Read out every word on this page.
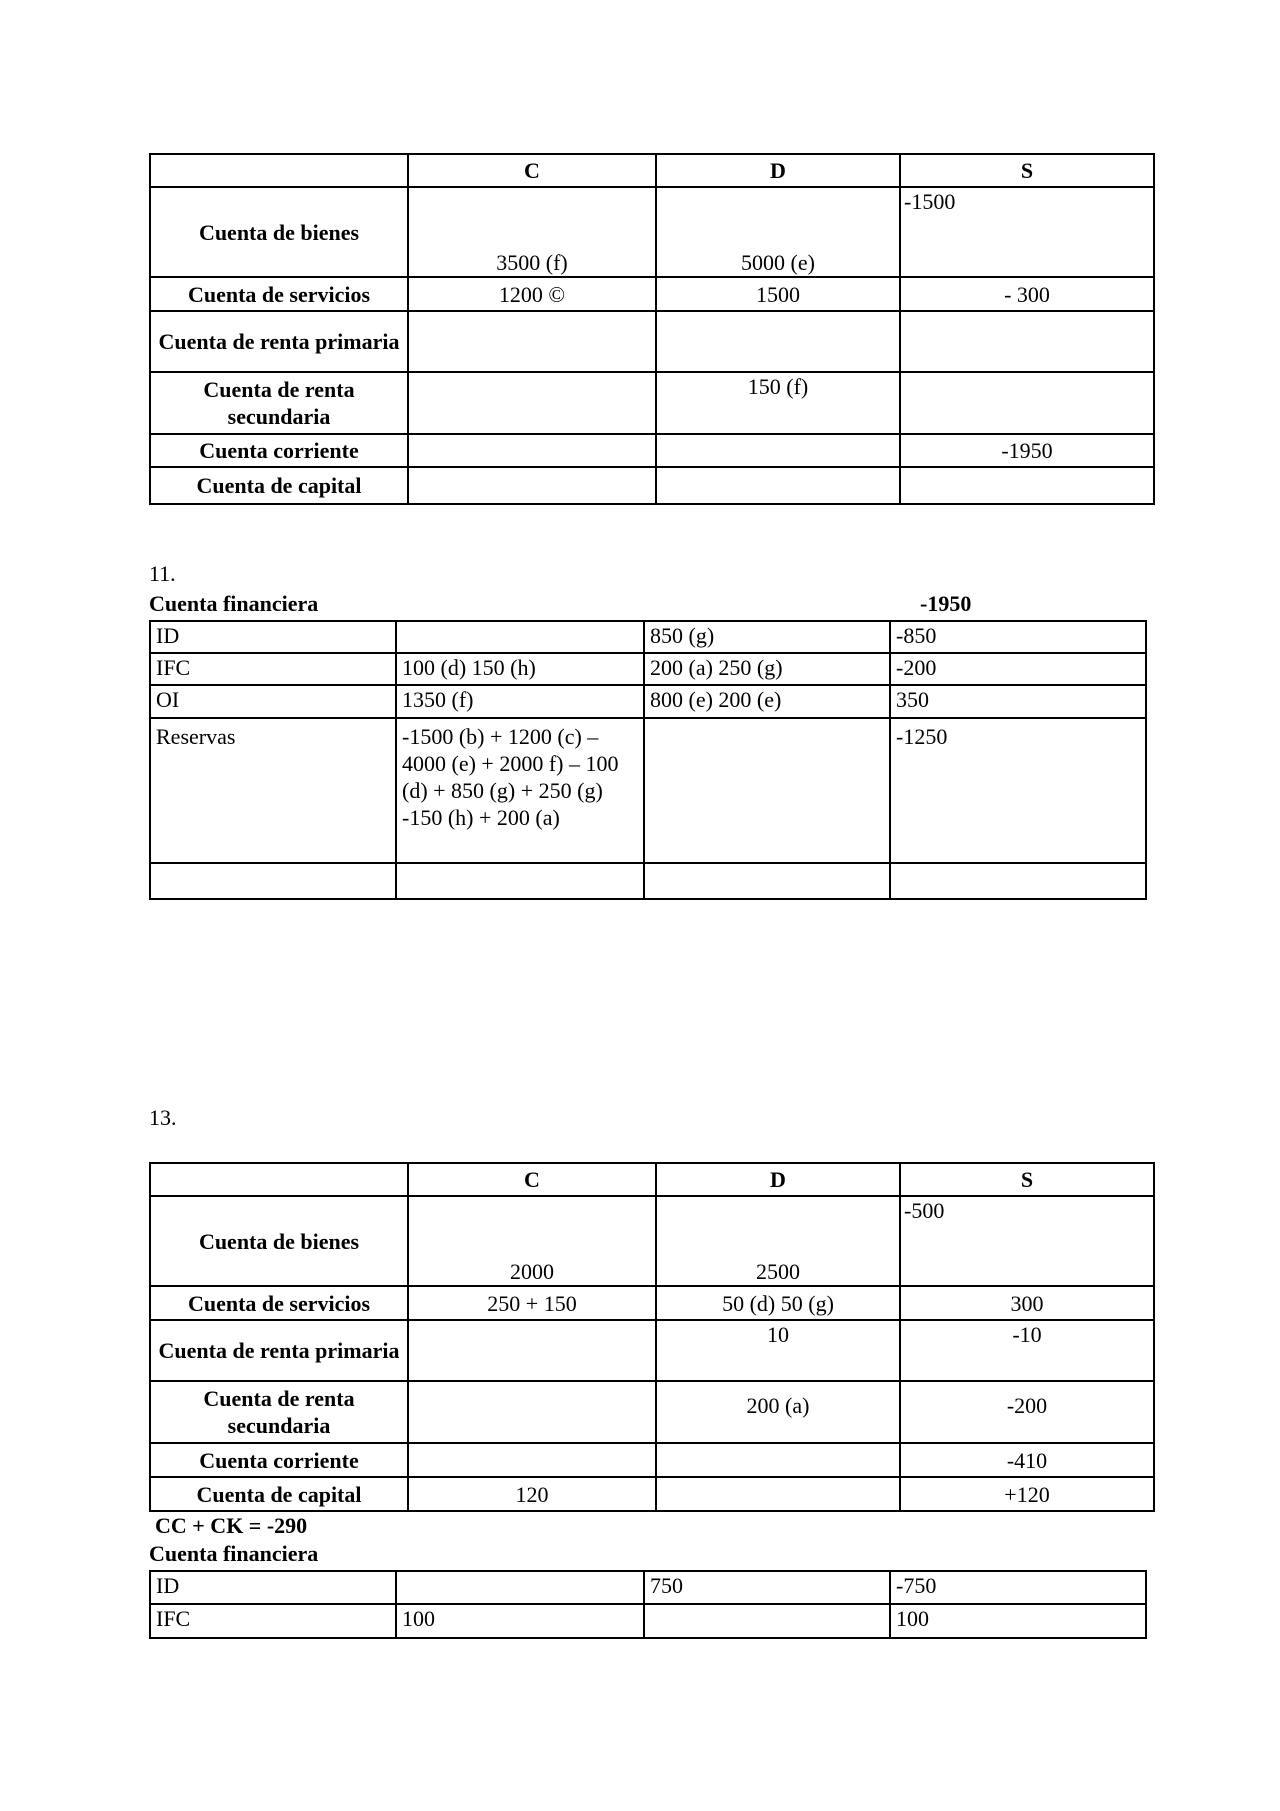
	C	D	S
Cuenta de bienes	3500 (f)	5000 (e)	-1500
Cuenta de servicios	1200 ©	1500	- 300
Cuenta de renta primaria			
Cuenta de renta secundaria		150 (f)	
Cuenta corriente			-1950
Cuenta de capital			
11.
Cuenta financiera	-1950
ID		850 (g)	-850
IFC	100 (d) 150 (h)	200 (a) 250 (g)	-200
OI	1350 (f)	800 (e) 200 (e)	350
Reservas	-1500 (b) + 1200 (c) – 4000 (e) + 2000 f) – 100 (d) + 850 (g) + 250 (g) -150 (h) + 200 (a)		-1250

13.
	C	D	S
Cuenta de bienes	2000	2500	-500
Cuenta de servicios	250 + 150	50 (d) 50 (g)	300
Cuenta de renta primaria		10	-10
Cuenta de renta secundaria		200 (a)	-200
Cuenta corriente			-410
Cuenta de capital	120		+120
CC + CK = -290
Cuenta financiera
ID		750	-750
IFC	100		100
